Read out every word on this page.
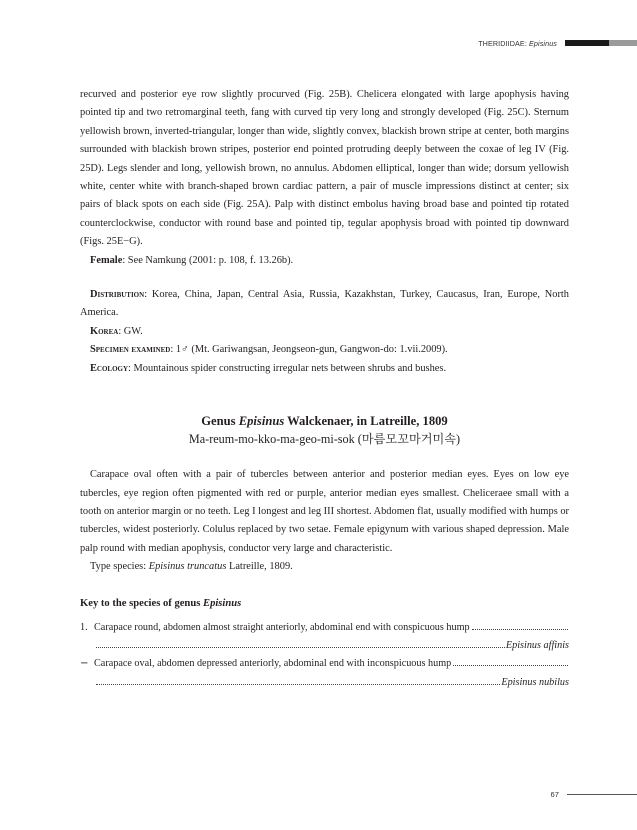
THERIDIIDAE: Episinus

recurved and posterior eye row slightly procurved (Fig. 25B). Chelicera elongated with large apophysis having pointed tip and two retromarginal teeth, fang with curved tip very long and strongly developed (Fig. 25C). Sternum yellowish brown, inverted-triangular, longer than wide, slightly convex, blackish brown stripe at center, both margins surrounded with blackish brown stripes, posterior end pointed protruding deeply between the coxae of leg IV (Fig. 25D). Legs slender and long, yellowish brown, no annulus. Abdomen elliptical, longer than wide; dorsum yellowish white, center white with branch-shaped brown cardiac pattern, a pair of muscle impressions distinct at center; six pairs of black spots on each side (Fig. 25A). Palp with distinct embolus having broad base and pointed tip rotated counterclockwise, conductor with round base and pointed tip, tegular apophysis broad with pointed tip downward (Figs. 25E−G).

Female: See Namkung (2001: p. 108, f. 13.26b).

Distribution: Korea, China, Japan, Central Asia, Russia, Kazakhstan, Turkey, Caucasus, Iran, Europe, North America.

Korea: GW.

Specimen examined: 1♂ (Mt. Gariwangsan, Jeongseon-gun, Gangwon-do: 1.vii.2009).

Ecology: Mountainous spider constructing irregular nets between shrubs and bushes.

Genus Episinus Walckenaer, in Latreille, 1809
Ma-reum-mo-kko-ma-geo-mi-sok (마름모꼬마거미속)

Carapace oval often with a pair of tubercles between anterior and posterior median eyes. Eyes on low eye tubercles, eye region often pigmented with red or purple, anterior median eyes smallest. Cheliceraee small with a tooth on anterior margin or no teeth. Leg I longest and leg III shortest. Abdomen flat, usually modified with humps or tubercles, widest posteriorly. Colulus replaced by two setae. Female epigynum with various shaped depression. Male palp round with median apophysis, conductor very large and characteristic.

Type species: Episinus truncatus Latreille, 1809.

Key to the species of genus Episinus
1. Carapace round, abdomen almost straight anteriorly, abdominal end with conspicuous hump
Episinus affinis
− Carapace oval, abdomen depressed anteriorly, abdominal end with inconspicuous hump
Episinus nubilus
67
